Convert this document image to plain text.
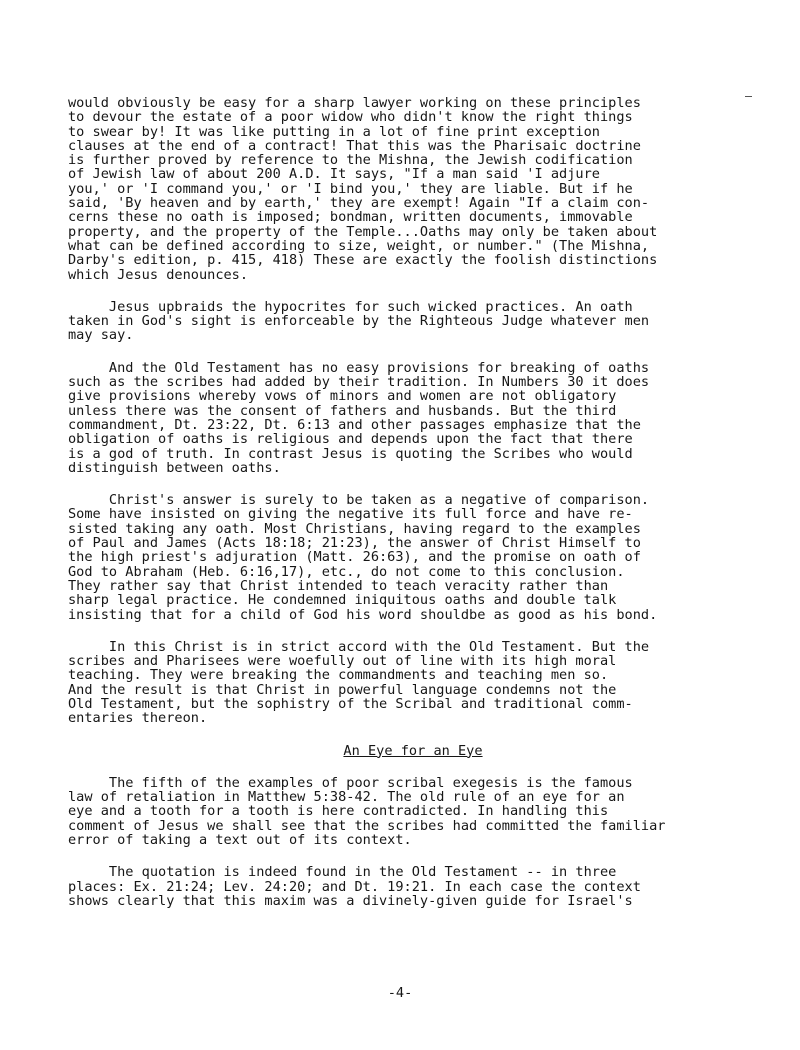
would obviously be easy for a sharp lawyer working on these principles
to devour the estate of a poor widow who didn't know the right things
to swear by! It was like putting in a lot of fine print exception
clauses at the end of a contract! That this was the Pharisaic doctrine
is further proved by reference to the Mishna, the Jewish codification
of Jewish law of about 200 A.D. It says, "If a man said 'I adjure
you,' or 'I command you,' or 'I bind you,' they are liable. But if he
said, 'By heaven and by earth,' they are exempt! Again "If a claim con-
cerns these no oath is imposed; bondman, written documents, immovable
property, and the property of the Temple...Oaths may only be taken about
what can be defined according to size, weight, or number." (The Mishna,
Darby's edition, p. 415, 418) These are exactly the foolish distinctions
which Jesus denounces.
Jesus upbraids the hypocrites for such wicked practices. An oath
taken in God's sight is enforceable by the Righteous Judge whatever men
may say.
And the Old Testament has no easy provisions for breaking of oaths
such as the scribes had added by their tradition. In Numbers 30 it does
give provisions whereby vows of minors and women are not obligatory
unless there was the consent of fathers and husbands. But the third
commandment, Dt. 23:22, Dt. 6:13 and other passages emphasize that the
obligation of oaths is religious and depends upon the fact that there
is a god of truth. In contrast Jesus is quoting the Scribes who would
distinguish between oaths.
Christ's answer is surely to be taken as a negative of comparison.
Some have insisted on giving the negative its full force and have re-
sisted taking any oath. Most Christians, having regard to the examples
of Paul and James (Acts 18:18; 21:23), the answer of Christ Himself to
the high priest's adjuration (Matt. 26:63), and the promise on oath of
God to Abraham (Heb. 6:16,17), etc., do not come to this conclusion.
They rather say that Christ intended to teach veracity rather than
sharp legal practice. He condemned iniquitous oaths and double talk
insisting that for a child of God his word shouldbe as good as his bond.
In this Christ is in strict accord with the Old Testament. But the
scribes and Pharisees were woefully out of line with its high moral
teaching. They were breaking the commandments and teaching men so.
And the result is that Christ in powerful language condemns not the
Old Testament, but the sophistry of the Scribal and traditional comm-
entaries thereon.
An Eye for an Eye
The fifth of the examples of poor scribal exegesis is the famous
law of retaliation in Matthew 5:38-42. The old rule of an eye for an
eye and a tooth for a tooth is here contradicted. In handling this
comment of Jesus we shall see that the scribes had committed the familiar
error of taking a text out of its context.
The quotation is indeed found in the Old Testament -- in three
places: Ex. 21:24; Lev. 24:20; and Dt. 19:21. In each case the context
shows clearly that this maxim was a divinely-given guide for Israel's
-4-
